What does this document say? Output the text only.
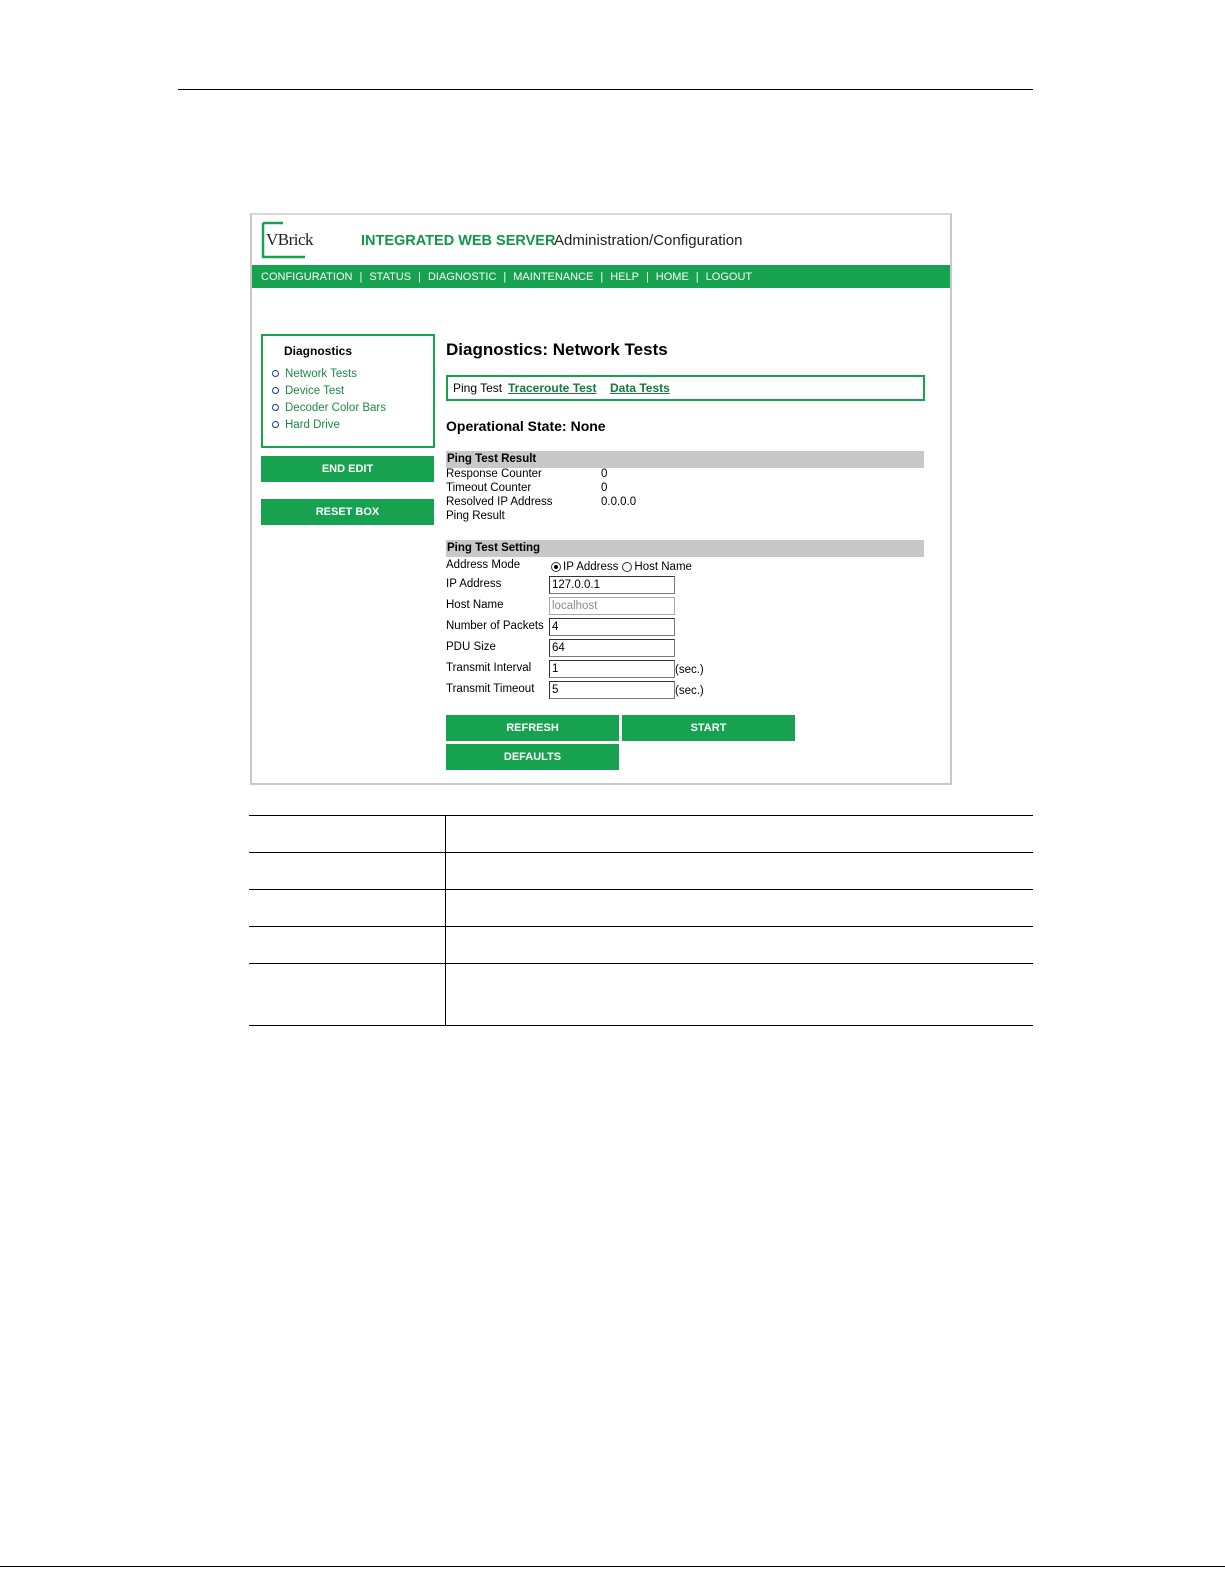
VBrick	INTEGRATED WEB SERVER
Administration/Configuration
CONFIGURATION | STATUS | DIAGNOSTIC | MAINTENANCE | HELP | HOME | LOGOUT
Diagnostics
Network Tests
Device Test
Decoder Color Bars
Hard Drive
END EDIT
RESET BOX
Diagnostics: Network Tests
Ping Test Traceroute Test Data Tests
Operational State: None
Ping Test Result
Response Counter	0
Timeout Counter	0
Resolved IP Address	0.0.0.0
Ping Result
Ping Test Setting
Address Mode	IP Address Host Name
IP Address	127.0.0.1
Host Name	localhost
Number of Packets 4
PDU Size	64
Transmit Interval 1	(sec.)
Transmit Timeout 5	(sec.)
REFRESH	START
DEFAULTS
